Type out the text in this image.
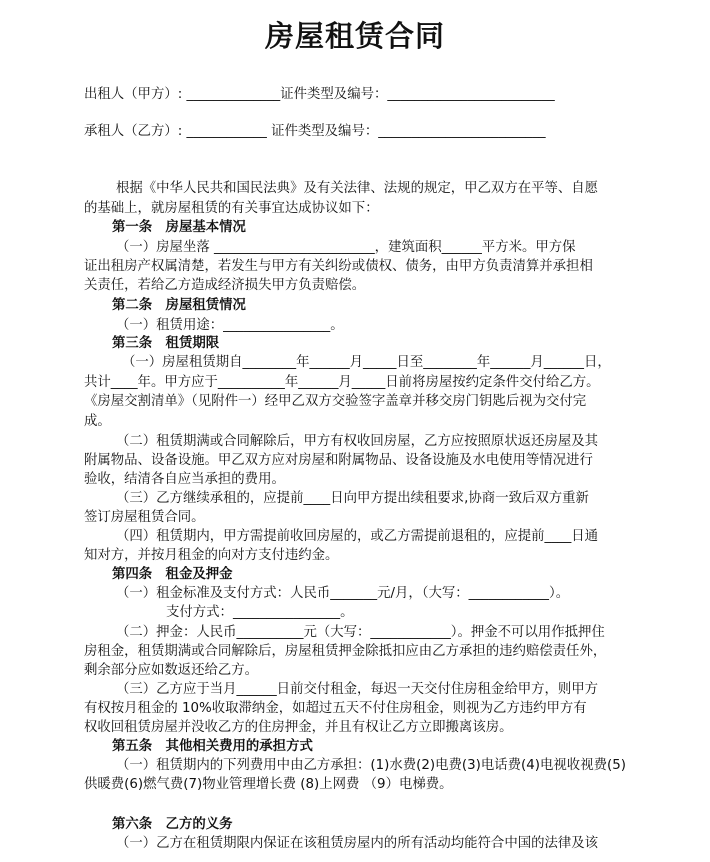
房屋租赁合同
出租人（甲方）: ______________证件类型及编号：_________________________
承租人（乙方）: ____________ 证件类型及编号：_________________________
根据《中华人民共和国民法典》及有关法律、法规的规定，甲乙双方在平等、自愿
的基础上，就房屋租赁的有关事宜达成协议如下：
第一条　房屋基本情况
（一）房屋坐落 ________________________，建筑面积______平方米。甲方保
证出租房产权属清楚，若发生与甲方有关纠纷或债权、债务，由甲方负责清算并承担相
关责任，若给乙方造成经济损失甲方负责赔偿。
第二条　房屋租赁情况
（一）租赁用途：________________。
第三条　租赁期限
（一）房屋租赁期自________年______月_____日至________年______月______日，
共计____年。甲方应于__________年______月_____日前将房屋按约定条件交付给乙方。
《房屋交割清单》（见附件一）经甲乙双方交验签字盖章并移交房门钥匙后视为交付完
成。
（二）租赁期满或合同解除后，甲方有权收回房屋，乙方应按照原状返还房屋及其
附属物品、设备设施。甲乙双方应对房屋和附属物品、设备设施及水电使用等情况进行
验收，结清各自应当承担的费用。
（三）乙方继续承租的，应提前____日向甲方提出续租要求,协商一致后双方重新
签订房屋租赁合同。
（四）租赁期内，甲方需提前收回房屋的，或乙方需提前退租的，应提前____日通
知对方，并按月租金的向对方支付违约金。
第四条　租金及押金
（一）租金标准及支付方式：人民币_______元/月，（大写：____________）。
支付方式：________________。
（二）押金：人民币__________元（大写：____________）。押金不可以用作抵押住
房租金，租赁期满或合同解除后，房屋租赁押金除抵扣应由乙方承担的违约赔偿责任外，
剩余部分应如数返还给乙方。
（三）乙方应于当月______日前交付租金，每迟一天交付住房租金给甲方，则甲方
有权按月租金的 10%收取滞纳金，如超过五天不付住房租金，则视为乙方违约甲方有
权收回租赁房屋并没收乙方的住房押金，并且有权让乙方立即搬离该房。
第五条　其他相关费用的承担方式
（一）租赁期内的下列费用中由乙方承担：(1)水费(2)电费(3)电话费(4)电视收视费(5)
供暖费(6)燃气费(7)物业管理增长费 (8)上网费 （9）电梯费。
第六条　乙方的义务
（一）乙方在租赁期限内保证在该租赁房屋内的所有活动均能符合中国的法律及该
